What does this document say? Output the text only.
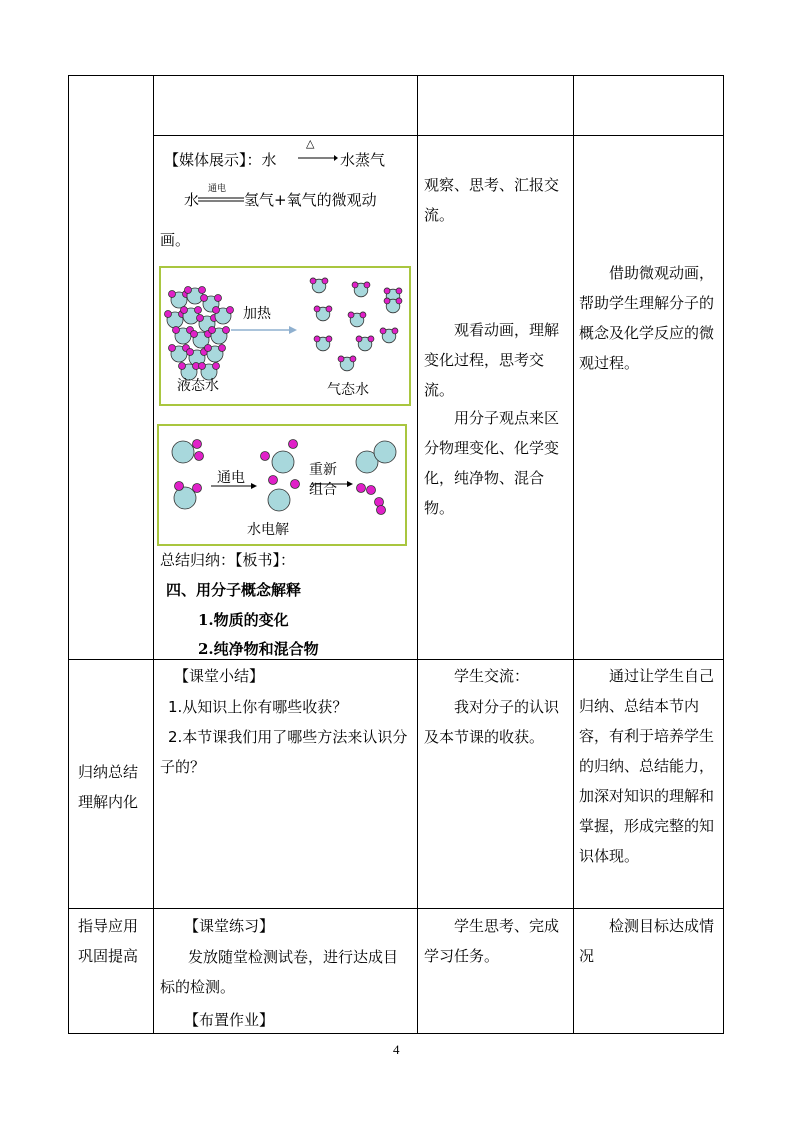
【媒体展示】：水
△
水蒸气
水
通电
氢气+氧气的微观动
画。
加热
液态水	气态水
通电	重新
组合
水电解
总结归纳：【板书】：
四、用分子概念解释
1.物质的变化
2.纯净物和混合物
观察、思考、汇报交流。
观看动画，理解变化过程，思考交流。
用分子观点来区分物理变化、化学变化，纯净物、混合物。
借助微观动画，帮助学生理解分子的概念及化学反应的微观过程。
归纳总结理解内化
【课堂小结】
1.从知识上你有哪些收获？
2.本节课我们用了哪些方法来认识分子的？
学生交流：
我对分子的认识及本节课的收获。
通过让学生自己归纳、总结本节内容，有利于培养学生的归纳、总结能力，加深对知识的理解和掌握，形成完整的知识体现。
指导应用巩固提高
【课堂练习】
发放随堂检测试卷，进行达成目标的检测。
【布置作业】
学生思考、完成学习任务。
检测目标达成情况
4
